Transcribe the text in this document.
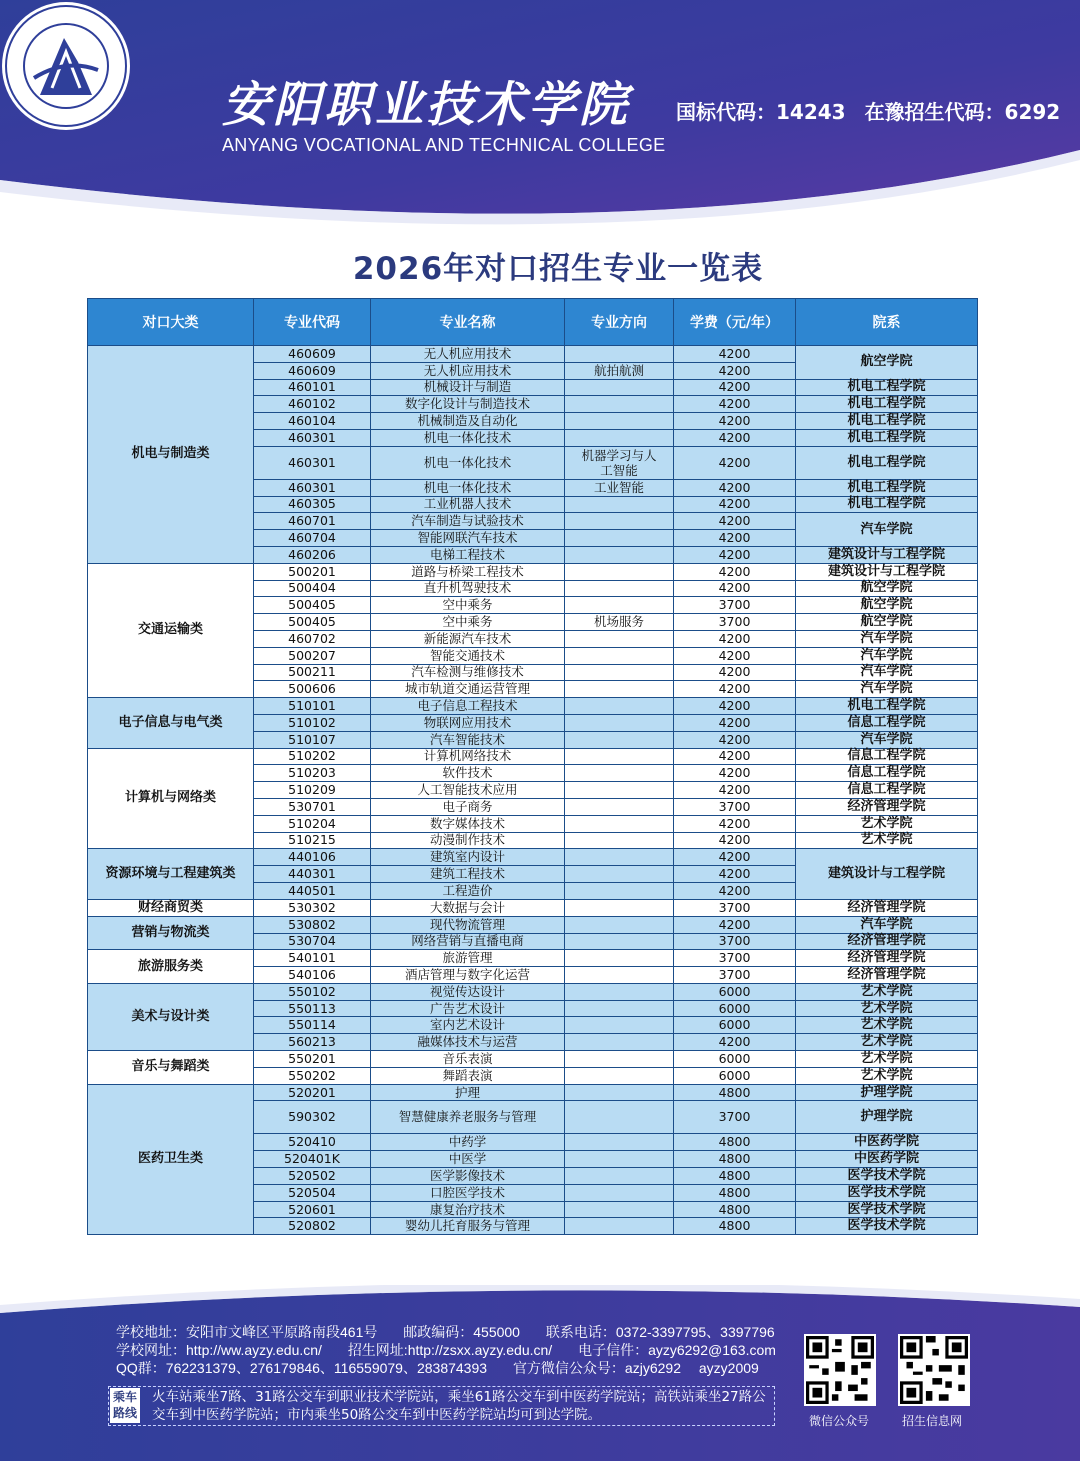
安阳职业技术学院
ANYANG VOCATIONAL AND TECHNICAL COLLEGE
国标代码：14243 在豫招生代码：6292
2026年对口招生专业一览表
对口大类	专业代码	专业名称	专业方向	学费（元/年）	院系
机电与制造类	460609	无人机应用技术		4200	航空学院
	460609	无人机应用技术	航拍航测	4200	
	460101	机械设计与制造		4200	机电工程学院
	460102	数字化设计与制造技术		4200	机电工程学院
	460104	机械制造及自动化		4200	机电工程学院
	460301	机电一体化技术		4200	机电工程学院
	460301	机电一体化技术	机器学习与人工智能	4200	机电工程学院
	460301	机电一体化技术	工业智能	4200	机电工程学院
	460305	工业机器人技术		4200	机电工程学院
	460701	汽车制造与试验技术		4200	汽车学院
	460704	智能网联汽车技术		4200	
	460206	电梯工程技术		4200	建筑设计与工程学院
交通运输类	500201	道路与桥梁工程技术		4200	建筑设计与工程学院
	500404	直升机驾驶技术		4200	航空学院
	500405	空中乘务		3700	航空学院
	500405	空中乘务	机场服务	3700	航空学院
	460702	新能源汽车技术		4200	汽车学院
	500207	智能交通技术		4200	汽车学院
	500211	汽车检测与维修技术		4200	汽车学院
	500606	城市轨道交通运营管理		4200	汽车学院
电子信息与电气类	510101	电子信息工程技术		4200	机电工程学院
	510102	物联网应用技术		4200	信息工程学院
	510107	汽车智能技术		4200	汽车学院
计算机与网络类	510202	计算机网络技术		4200	信息工程学院
	510203	软件技术		4200	信息工程学院
	510209	人工智能技术应用		4200	信息工程学院
	530701	电子商务		3700	经济管理学院
	510204	数字媒体技术		4200	艺术学院
	510215	动漫制作技术		4200	艺术学院
资源环境与工程建筑类	440106	建筑室内设计		4200	建筑设计与工程学院
	440301	建筑工程技术		4200	
	440501	工程造价		4200	
财经商贸类	530302	大数据与会计		3700	经济管理学院
营销与物流类	530802	现代物流管理		4200	汽车学院
	530704	网络营销与直播电商		3700	经济管理学院
旅游服务类	540101	旅游管理		3700	经济管理学院
	540106	酒店管理与数字化运营		3700	经济管理学院
美术与设计类	550102	视觉传达设计		6000	艺术学院
	550113	广告艺术设计		6000	艺术学院
	550114	室内艺术设计		6000	艺术学院
	560213	融媒体技术与运营		4200	艺术学院
音乐与舞蹈类	550201	音乐表演		6000	艺术学院
	550202	舞蹈表演		6000	艺术学院
医药卫生类	520201	护理		4800	护理学院
	590302	智慧健康养老服务与管理		3700	护理学院
	520410	中药学		4800	中医药学院
	520401K	中医学		4800	中医药学院
	520502	医学影像技术		4800	医学技术学院
	520504	口腔医学技术		4800	医学技术学院
	520601	康复治疗技术		4800	医学技术学院
	520802	婴幼儿托育服务与管理		4800	医学技术学院
学校地址：安阳市文峰区平原路南段461号 邮政编码：455000 联系电话：0372-3397795、3397796
学校网址：http://ww.ayzy.edu.cn/ 招生网址:http://zsxx.ayzy.edu.cn/ 电子信件：ayzy6292@163.com
QQ群：762231379、276179846、116559079、283874393 官方微信公众号：azjy6292 ayzy2009
乘车路线
火车站乘坐7路、31路公交车到职业技术学院站，乘坐61路公交车到中医药学院站；高铁站乘坐27路公交车到中医药学院站；市内乘坐50路公交车到中医药学院站均可到达学院。	微信公众号	招生信息网
